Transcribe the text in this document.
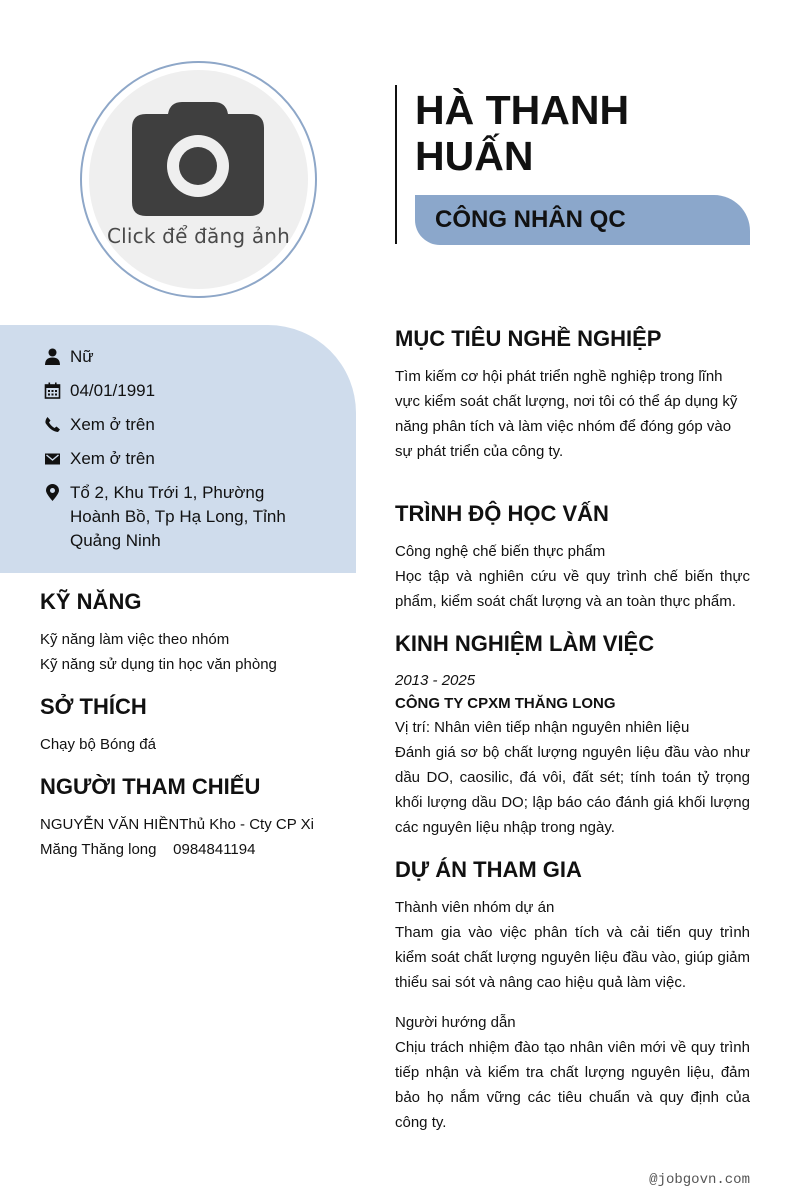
Click để đăng ảnh
HÀ THANH HUẤN
CÔNG NHÂN QC
Nữ
04/01/1991
Xem ở trên
Xem ở trên
Tổ 2, Khu Trới 1, Phường Hoành Bồ, Tp Hạ Long, Tỉnh Quảng Ninh
KỸ NĂNG
Kỹ năng làm việc theo nhóm
Kỹ năng sử dụng tin học văn phòng
SỞ THÍCH
Chạy bộ Bóng đá
NGƯỜI THAM CHIẾU
NGUYỄN VĂN HIỀNThủ Kho - Cty CP Xi Măng Thăng long    0984841194
MỤC TIÊU NGHỀ NGHIỆP
Tìm kiếm cơ hội phát triển nghề nghiệp trong lĩnh vực kiểm soát chất lượng, nơi tôi có thể áp dụng kỹ năng phân tích và làm việc nhóm để đóng góp vào sự phát triển của công ty.
TRÌNH ĐỘ HỌC VẤN
Công nghệ chế biến thực phẩm
Học tập và nghiên cứu về quy trình chế biến thực phẩm, kiểm soát chất lượng và an toàn thực phẩm.
KINH NGHIỆM LÀM VIỆC
2013 - 2025
CÔNG TY CPXM THĂNG LONG
Vị trí: Nhân viên tiếp nhận nguyên nhiên liệu
Đánh giá sơ bộ chất lượng nguyên liệu đầu vào như dầu DO, caosilic, đá vôi, đất sét; tính toán tỷ trọng khối lượng dầu DO; lập báo cáo đánh giá khối lượng các nguyên liệu nhập trong ngày.
DỰ ÁN THAM GIA
Thành viên nhóm dự án
Tham gia vào việc phân tích và cải tiến quy trình kiểm soát chất lượng nguyên liệu đầu vào, giúp giảm thiểu sai sót và nâng cao hiệu quả làm việc.
Người hướng dẫn
Chịu trách nhiệm đào tạo nhân viên mới về quy trình tiếp nhận và kiểm tra chất lượng nguyên liệu, đảm bảo họ nắm vững các tiêu chuẩn và quy định của công ty.
@jobgovn.com
